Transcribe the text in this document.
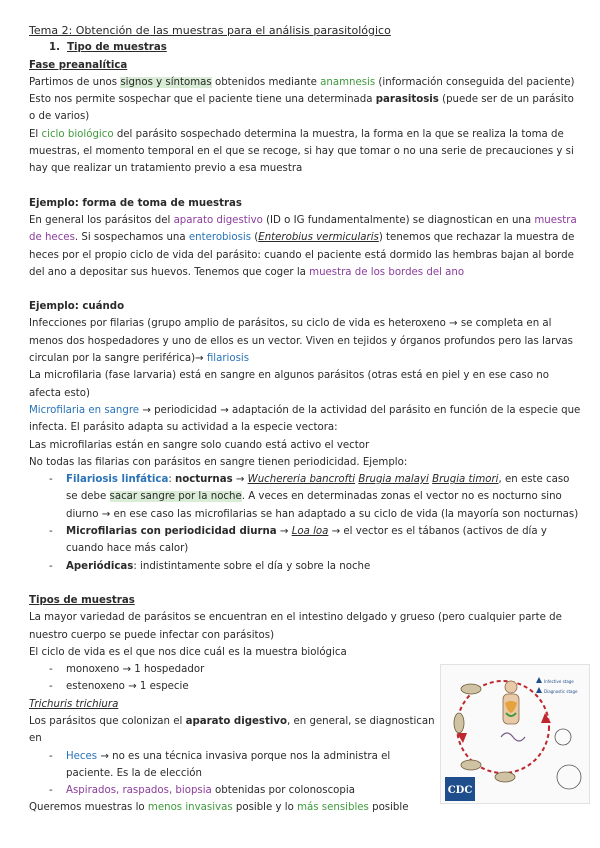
Tema 2: Obtención de las muestras para el análisis parasitológico

1. Tipo de muestras

Fase preanalítica

Partimos de unos signos y síntomas obtenidos mediante anamnesis (información conseguida del paciente)

Esto nos permite sospechar que el paciente tiene una determinada parasitosis (puede ser de un parásito o de varios)

El ciclo biológico del parásito sospechado determina la muestra, la forma en la que se realiza la toma de muestras, el momento temporal en el que se recoge, si hay que tomar o no una serie de precauciones y si hay que realizar un tratamiento previo a esa muestra

Ejemplo: forma de toma de muestras

En general los parásitos del aparato digestivo (ID o IG fundamentalmente) se diagnostican en una muestra de heces. Si sospechamos una enterobiosis (Enterobius vermicularis) tenemos que rechazar la muestra de heces por el propio ciclo de vida del parásito: cuando el paciente está dormido las hembras bajan al borde del ano a depositar sus huevos. Tenemos que coger la muestra de los bordes del ano

Ejemplo: cuándo

Infecciones por filarias (grupo amplio de parásitos, su ciclo de vida es heteroxeno → se completa en al menos dos hospedadores y uno de ellos es un vector. Viven en tejidos y órganos profundos pero las larvas circulan por la sangre periférica)→ filariosis

La microfilaria (fase larvaria) está en sangre en algunos parásitos (otras está en piel y en ese caso no afecta esto)

Microfilaria en sangre → periodicidad → adaptación de la actividad del parásito en función de la especie que infecta. El parásito adapta su actividad a la especie vectora:

Las microfilarias están en sangre solo cuando está activo el vector

No todas las filarias con parásitos en sangre tienen periodicidad. Ejemplo:

- Filariosis linfática: nocturnas → Wuchereria bancrofti Brugia malayi Brugia timori, en este caso se debe sacar sangre por la noche. A veces en determinadas zonas el vector no es nocturno sino diurno → en ese caso las microfilarias se han adaptado a su ciclo de vida (la mayoría son nocturnas)
- Microfilarias con periodicidad diurna → Loa loa → el vector es el tábanos (activos de día y cuando hace más calor)
- Aperiódicas: indistintamente sobre el día y sobre la noche

Tipos de muestras

La mayor variedad de parásitos se encuentran en el intestino delgado y grueso (pero cualquier parte de nuestro cuerpo se puede infectar con parásitos)

El ciclo de vida es el que nos dice cuál es la muestra biológica

- monoxeno → 1 hospedador
- estenoxeno → 1 especie

Trichuris trichiura

Los parásitos que colonizan el aparato digestivo, en general, se diagnostican en

- Heces → no es una técnica invasiva porque nos la administra el paciente. Es la de elección
- Aspirados, raspados, biopsia obtenidas por colonoscopia

Queremos muestras lo menos invasivas posible y lo más sensibles posible

Infective stage
Diagnostic stage
CDC
